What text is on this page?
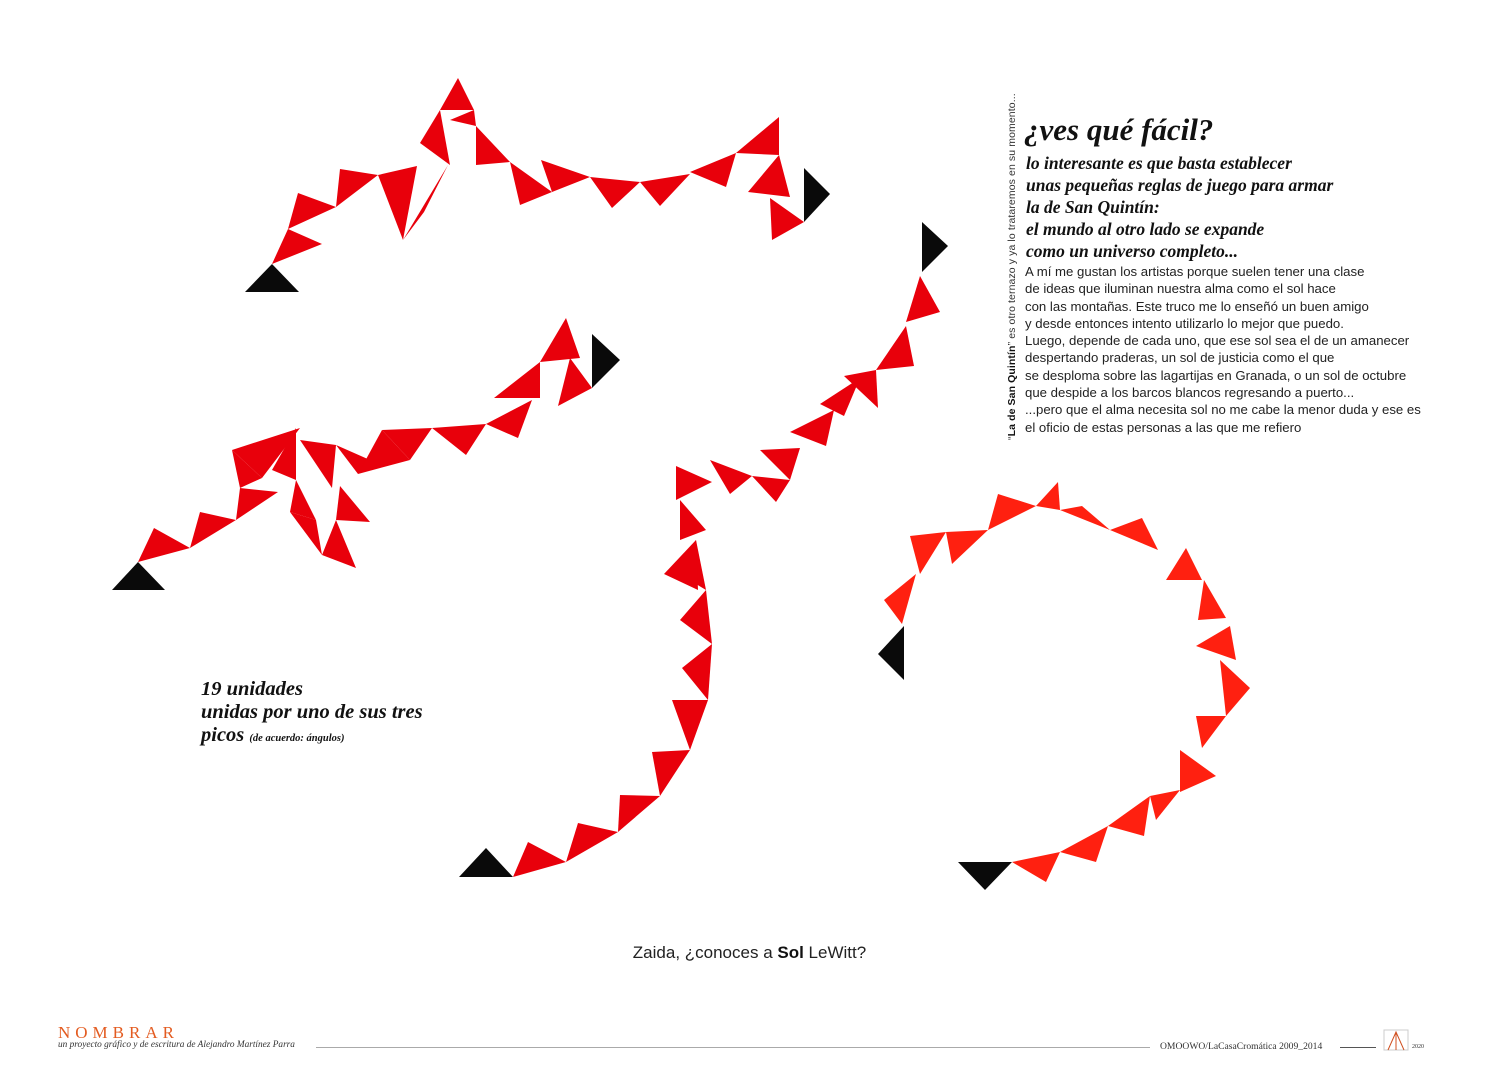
“La de San Quintín” es otro ternazo y ya lo trataremos en su momento... ¿ves qué fácil?
lo interesante es que basta establecer
unas pequeñas reglas de juego para armar
la de San Quintín:
el mundo al otro lado se expande
como un universo completo...
A mí me gustan los artistas porque suelen tener una clase
de ideas que iluminan nuestra alma como el sol hace
con las montañas. Este truco me lo enseñó un buen amigo
y desde entonces intento utilizarlo lo mejor que puedo.
Luego, depende de cada uno, que ese sol sea el de un amanecer
despertando praderas, un sol de justicia como el que
se desploma sobre las lagartijas en Granada, o un sol de octubre
que despide a los barcos blancos regresando a puerto...
...pero que el alma necesita sol no me cabe la menor duda y ese es
el oficio de estas personas a las que me refiero
19 unidades
unidas por uno de sus tres
picos (de acuerdo: ángulos)
Zaida, ¿conoces a Sol LeWitt?
NOMBRAR
un proyecto gráfico y de escritura de Alejandro Martínez Parra	OMOOWO/LaCasaCromática 2009_2014	2020
